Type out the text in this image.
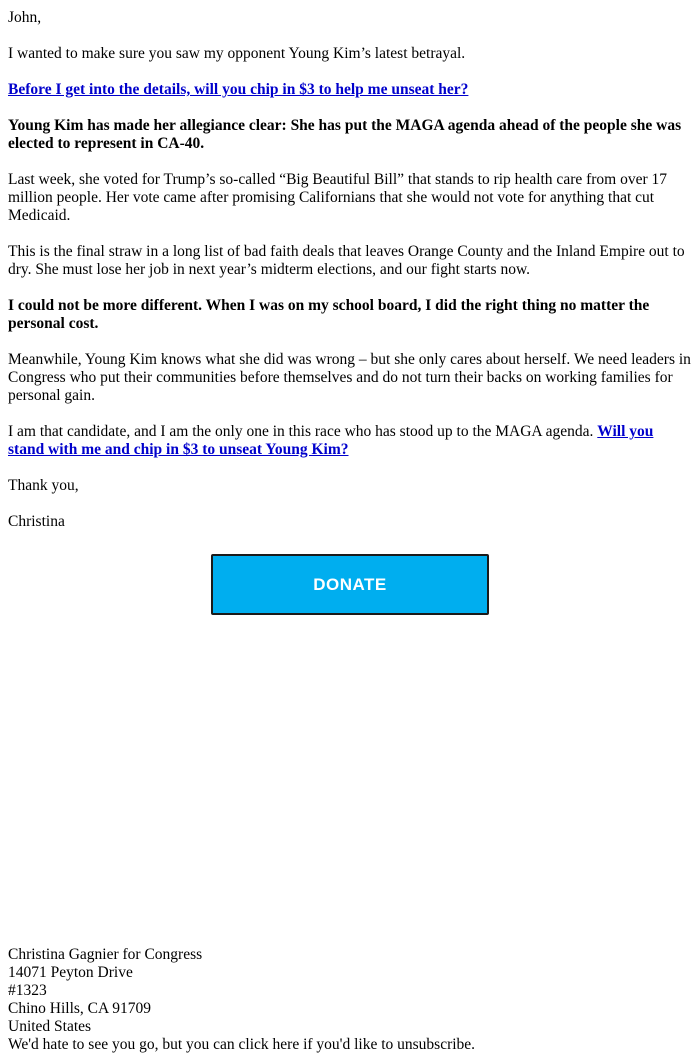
John,

I wanted to make sure you saw my opponent Young Kim’s latest betrayal.

Before I get into the details, will you chip in $3 to help me unseat her?

Young Kim has made her allegiance clear: She has put the MAGA agenda ahead of the people she was elected to represent in CA-40.

Last week, she voted for Trump’s so-called “Big Beautiful Bill” that stands to rip health care from over 17 million people. Her vote came after promising Californians that she would not vote for anything that cut Medicaid.

This is the final straw in a long list of bad faith deals that leaves Orange County and the Inland Empire out to dry. She must lose her job in next year’s midterm elections, and our fight starts now.

I could not be more different. When I was on my school board, I did the right thing no matter the personal cost.

Meanwhile, Young Kim knows what she did was wrong – but she only cares about herself. We need leaders in Congress who put their communities before themselves and do not turn their backs on working families for personal gain.

I am that candidate, and I am the only one in this race who has stood up to the MAGA agenda. Will you stand with me and chip in $3 to unseat Young Kim?

Thank you,

Christina

DONATE
Christina Gagnier for Congress
14071 Peyton Drive
#1323
Chino Hills, CA 91709
United States
We'd hate to see you go, but you can click here if you'd like to unsubscribe.
